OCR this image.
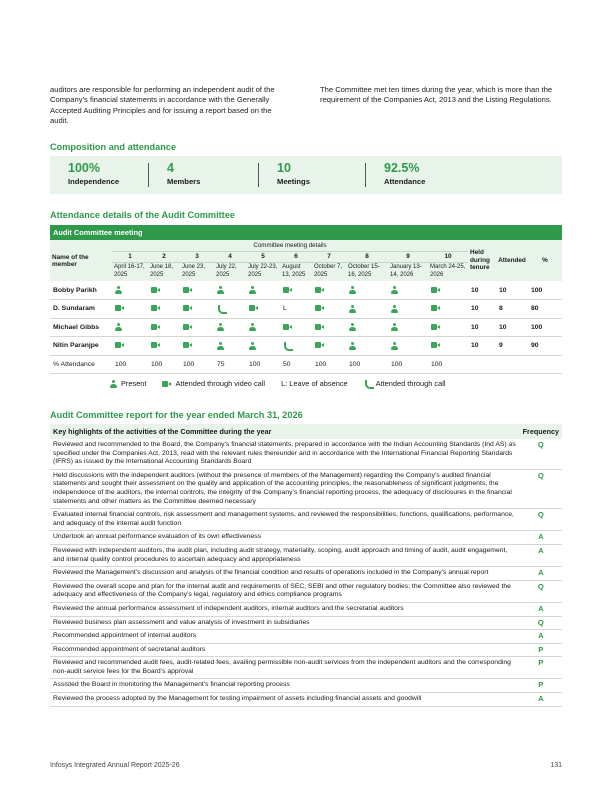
auditors are responsible for performing an independent audit of the Company’s financial statements in accordance with the Generally Accepted Auditing Principles and for issuing a report based on the audit.

The Committee met ten times during the year, which is more than the requirement of the Companies Act, 2013 and the Listing Regulations.

Composition and attendance
100%
Independence
4
Members
10
Meetings
92.5%
Attendance
Attendance details of the Audit Committee
Audit Committee meeting													
Name of the member	Committee meeting details										Held during tenure	Attended	%
	1	2	3	4	5	6	7	8	9	10			
	April 16-17, 2025	June 18, 2025	June 23, 2025	July 22, 2025	July 22-23, 2025	August 13, 2025	October 7, 2025	October 15-16, 2025	January 13-14, 2026	March 24-25, 2026			
Bobby Parikh											10	10	100
D. Sundaram						L					10	8	80
Michael Gibbs											10	10	100
Nitin Paranjpe											10	9	90
% Attendance	100	100	100	75	100	50	100	100	100	100			
Present	Attended through video call L: Leave of absence	Attended through call
Audit Committee report for the year ended March 31, 2026
Key highlights of the activities of the Committee during the year	Frequency
Reviewed and recommended to the Board, the Company’s financial statements, prepared in accordance with the Indian Accounting Standards (Ind AS) as specified under the Companies Act, 2013, read with the relevant rules thereunder and in accordance with the International Financial Reporting Standards (IFRS) as issued by the International Accounting Standards Board	Q
Held discussions with the independent auditors (without the presence of members of the Management) regarding the Company’s audited financial statements and sought their assessment on the quality and application of the accounting principles, the reasonableness of significant judgments, the independence of the auditors, the internal controls, the integrity of the Company’s financial reporting process, the adequacy of disclosures in the financial statements and other matters as the Committee deemed necessary	Q
Evaluated internal financial controls, risk assessment and management systems, and reviewed the responsibilities, functions, qualifications, performance, and adequacy of the internal audit function	Q
Undertook an annual performance evaluation of its own effectiveness	A
Reviewed with independent auditors, the audit plan, including audit strategy, materiality, scoping, audit approach and timing of audit, audit engagement, and internal quality control procedures to ascertain adequacy and appropriateness	A
Reviewed the Management’s discussion and analysis of the financial condition and results of operations included in the Company’s annual report	A
Reviewed the overall scope and plan for the internal audit and requirements of SEC, SEBI and other regulatory bodies; the Committee also reviewed the adequacy and effectiveness of the Company’s legal, regulatory and ethics compliance programs	Q
Reviewed the annual performance assessment of independent auditors, internal auditors and the secretarial auditors	A
Reviewed business plan assessment and value analysis of investment in subsidiaries	Q
Recommended appointment of internal auditors	A
Recommended appointment of secretarial auditors	P
Reviewed and recommended audit fees, audit-related fees, availing permissible non-audit services from the independent auditors and the corresponding non-audit service fees for the Board’s approval	P
Assisted the Board in monitoring the Management’s financial reporting process	P
Reviewed the process adopted by the Management for testing impairment of assets including financial assets and goodwill	A
Infosys Integrated Annual Report 2025-26	131
